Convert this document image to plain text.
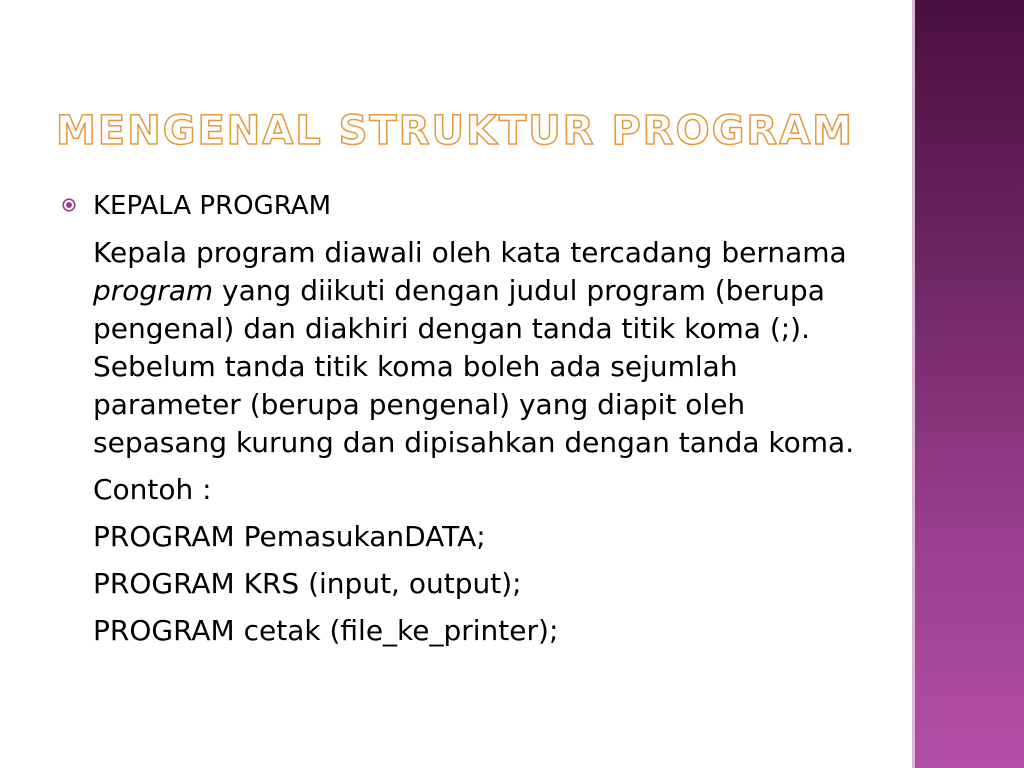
MENGENAL STRUKTUR PROGRAM
KEPALA PROGRAM
Kepala program diawali oleh kata tercadang bernama program yang diikuti dengan judul program (berupa pengenal) dan diakhiri dengan tanda titik koma (;). Sebelum tanda titik koma boleh ada sejumlah parameter (berupa pengenal) yang diapit oleh sepasang kurung dan dipisahkan dengan tanda koma.
Contoh :
PROGRAM PemasukanDATA;
PROGRAM KRS (input, output);
PROGRAM cetak (file_ke_printer);
